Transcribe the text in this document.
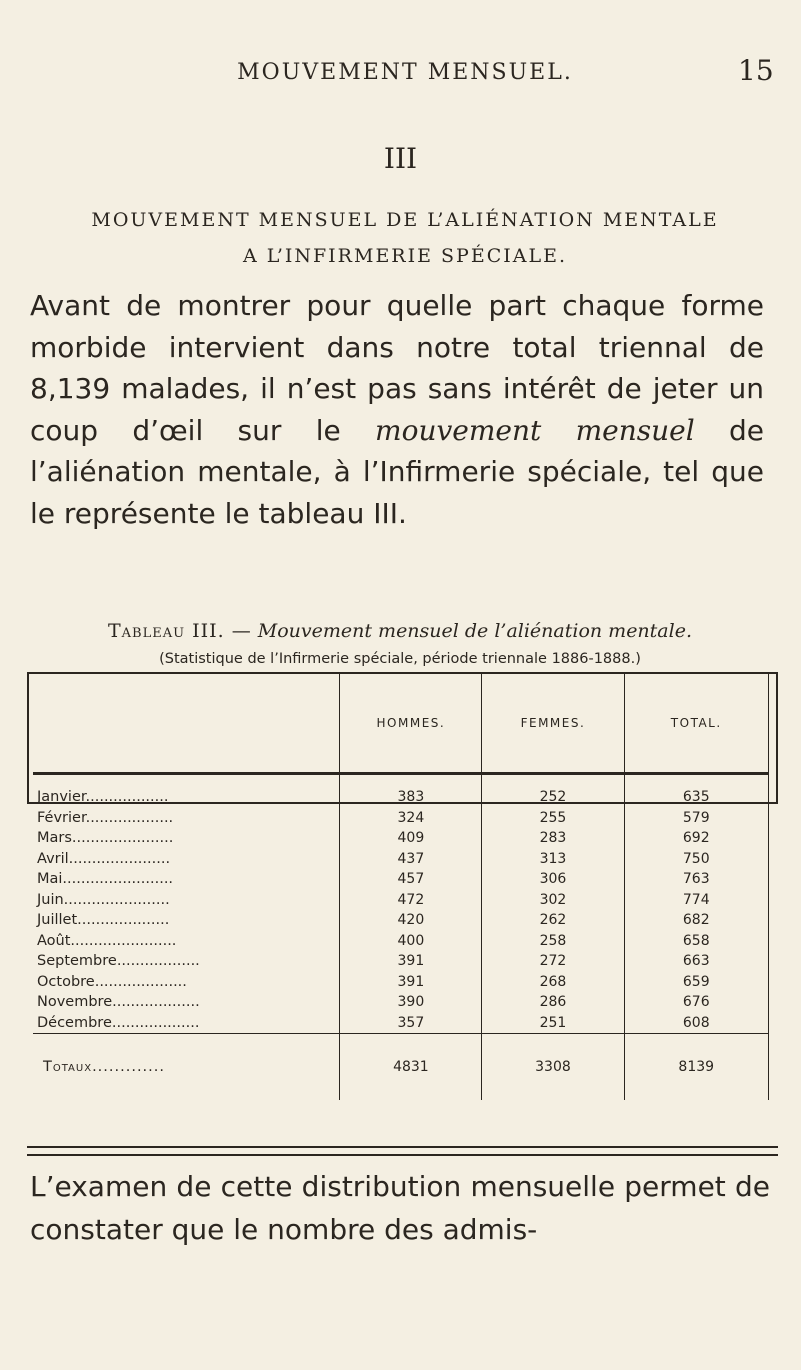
MOUVEMENT MENSUEL.	15
III
MOUVEMENT MENSUEL DE L’ALIÉNATION MENTALE
A L’INFIRMERIE SPÉCIALE.
Avant de montrer pour quelle part chaque forme morbide intervient dans notre total triennal de 8,139 malades, il n’est pas sans intérêt de jeter un coup d’œil sur le mouvement mensuel de l’aliénation mentale, à l’Infirmerie spéciale, tel que le représente le tableau III.
Tableau III. — Mouvement mensuel de l’aliénation mentale.
(Statistique de l’Infirmerie spéciale, période triennale 1886-1888.)
	HOMMES.	FEMMES.	TOTAL.
Janvier..................	383	252	635
Février...................	324	255	579
Mars......................	409	283	692
Avril......................	437	313	750
Mai........................	457	306	763
Juin.......................	472	302	774
Juillet....................	420	262	682
Août.......................	400	258	658
Septembre..................	391	272	663
Octobre....................	391	268	659
Novembre...................	390	286	676
Décembre...................	357	251	608
Totaux.............	4831	3308	8139
L’examen de cette distribution mensuelle permet de constater que le nombre des admis-
